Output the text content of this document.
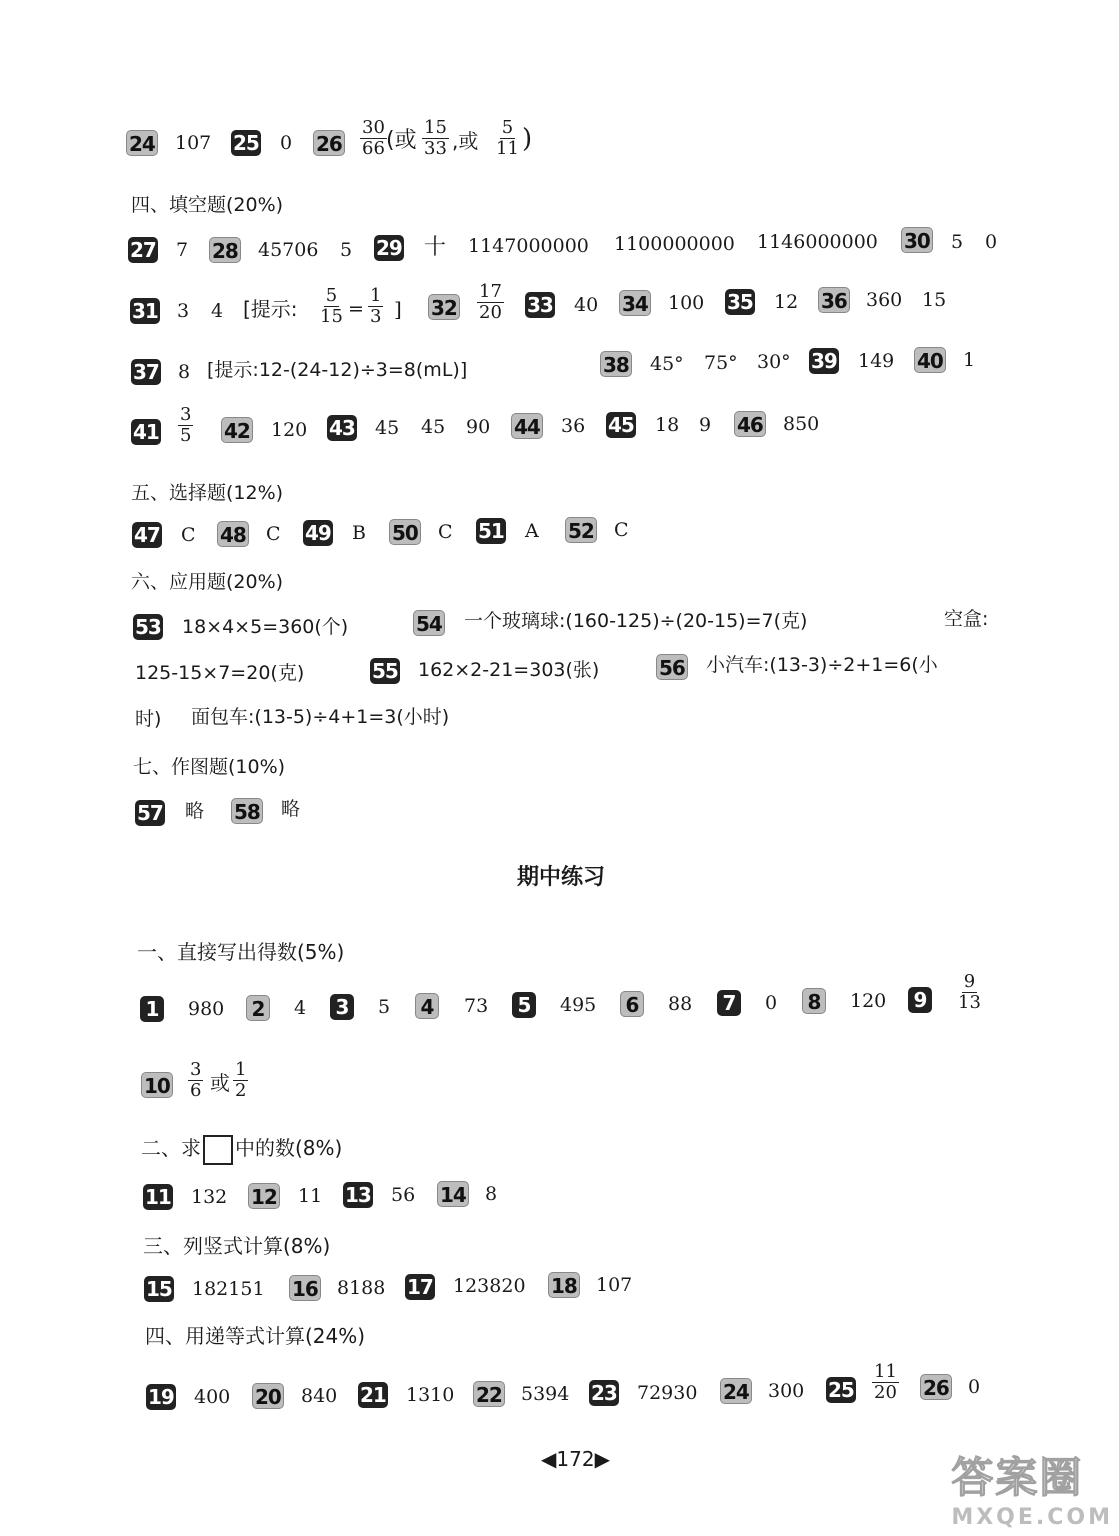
24 107 25 0 $26 \frac{30}{66}$ (或 $\frac{15}{33}$ ,或 $\frac{5}{11}$ )
四、填空题(20%)
27 7 28 45706 5 29 十 1147000000 1100000000 1146000000 30 5 0
31 3 4 [提示: $\frac{5}{15} = \frac{1}{3}$ ] $32 \frac{17}{20} 33$ 40 34 100 35 12 36 360 15
37 8 [提示:12-(24-12)÷3=8(mL)]	38 45° 75° 30° 39 149 40 1
$41 \frac{3}{5} 42$ 120 43 45 45 90 44 36 45 18 9 46 850
五、选择题(12%)
47 C 48 C 49 B 50 C 51 A 52 C
六、应用题(20%)
53 18×4×5=360(个)	54 一个玻璃球:(160-125)÷(20-15)=7(克)	空盒:
125-15×7=20(克)	55 162×2-21=303(张)	56 小汽车:(13-3)÷2+1=6(小
时) 面包车:(13-5)÷4+1=3(小时)
七、作图题(10%)
57 略 58 略
期中练习
一、直接写出得数(5%)
1 980 2 4 3 5 4 73 5 495 6 88 7 0 8 120 9	$\frac{9}{13}$
$10 \frac{3}{6}$ 或 $\frac{1}{2}$
二、求 中的数(8%)
11 132 12 11 13 56 14 8
三、列竖式计算(8%)
15 182151 16 8188 17 123820 18 107
四、用递等式计算(24%)
19 400 20 840 21 1310 22 5394 23 72930 24 300 $25 \frac{11}{20} 26$ 0
◀172▶	答案圈
MXQE.COM
